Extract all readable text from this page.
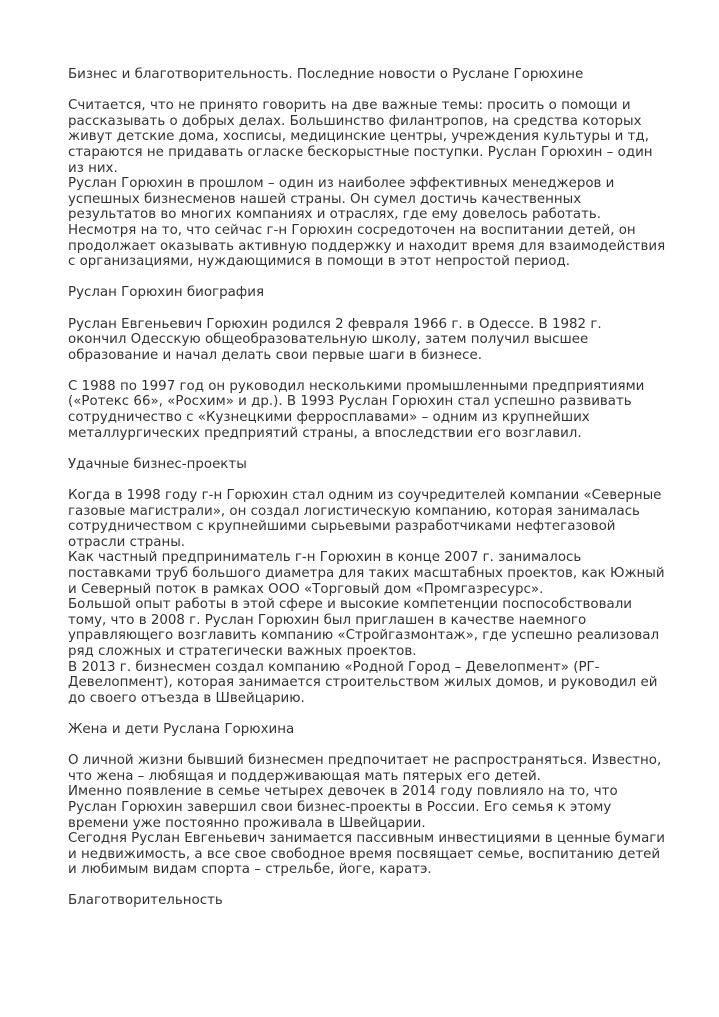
Бизнес и благотворительность. Последние новости о Руслане Горюхине
Считается, что не принято говорить на две важные темы: просить о помощи и
рассказывать о добрых делах. Большинство филантропов, на средства которых
живут детские дома, хосписы, медицинские центры, учреждения культуры и тд,
стараются не придавать огласке бескорыстные поступки. Руслан Горюхин – один
из них.
Руслан Горюхин в прошлом – один из наиболее эффективных менеджеров и
успешных бизнесменов нашей страны. Он сумел достичь качественных
результатов во многих компаниях и отраслях, где ему довелось работать.
Несмотря на то, что сейчас г-н Горюхин сосредоточен на воспитании детей, он
продолжает оказывать активную поддержку и находит время для взаимодействия
с организациями, нуждающимися в помощи в этот непростой период.
Руслан Горюхин биография
Руслан Евгеньевич Горюхин родился 2 февраля 1966 г. в Одессе. В 1982 г.
окончил Одесскую общеобразовательную школу, затем получил высшее
образование и начал делать свои первые шаги в бизнесе.
С 1988 по 1997 год он руководил несколькими промышленными предприятиями
(«Ротекс 66», «Росхим» и др.). В 1993 Руслан Горюхин стал успешно развивать
сотрудничество с «Кузнецкими ферросплавами» – одним из крупнейших
металлургических предприятий страны, а впоследствии его возглавил.
Удачные бизнес-проекты
Когда в 1998 году г-н Горюхин стал одним из соучредителей компании «Северные
газовые магистрали», он создал логистическую компанию, которая занималась
сотрудничеством с крупнейшими сырьевыми разработчиками нефтегазовой
отрасли страны.
Как частный предприниматель г-н Горюхин в конце 2007 г. занималось
поставками труб большого диаметра для таких масштабных проектов, как Южный
и Северный поток в рамках ООО «Торговый дом «Промгазресурс».
Большой опыт работы в этой сфере и высокие компетенции поспособствовали
тому, что в 2008 г. Руслан Горюхин был приглашен в качестве наемного
управляющего возглавить компанию «Стройгазмонтаж», где успешно реализовал
ряд сложных и стратегически важных проектов.
В 2013 г. бизнесмен создал компанию «Родной Город – Девелопмент» (РГ-
Девелопмент), которая занимается строительством жилых домов, и руководил ей
до своего отъезда в Швейцарию.
Жена и дети Руслана Горюхина
О личной жизни бывший бизнесмен предпочитает не распространяться. Известно,
что жена – любящая и поддерживающая мать пятерых его детей.
Именно появление в семье четырех девочек в 2014 году повлияло на то, что
Руслан Горюхин завершил свои бизнес-проекты в России. Его семья к этому
времени уже постоянно проживала в Швейцарии.
Сегодня Руслан Евгеньевич занимается пассивным инвестициями в ценные бумаги
и недвижимость, а все свое свободное время посвящает семье, воспитанию детей
и любимым видам спорта – стрельбе, йоге, каратэ.
Благотворительность
